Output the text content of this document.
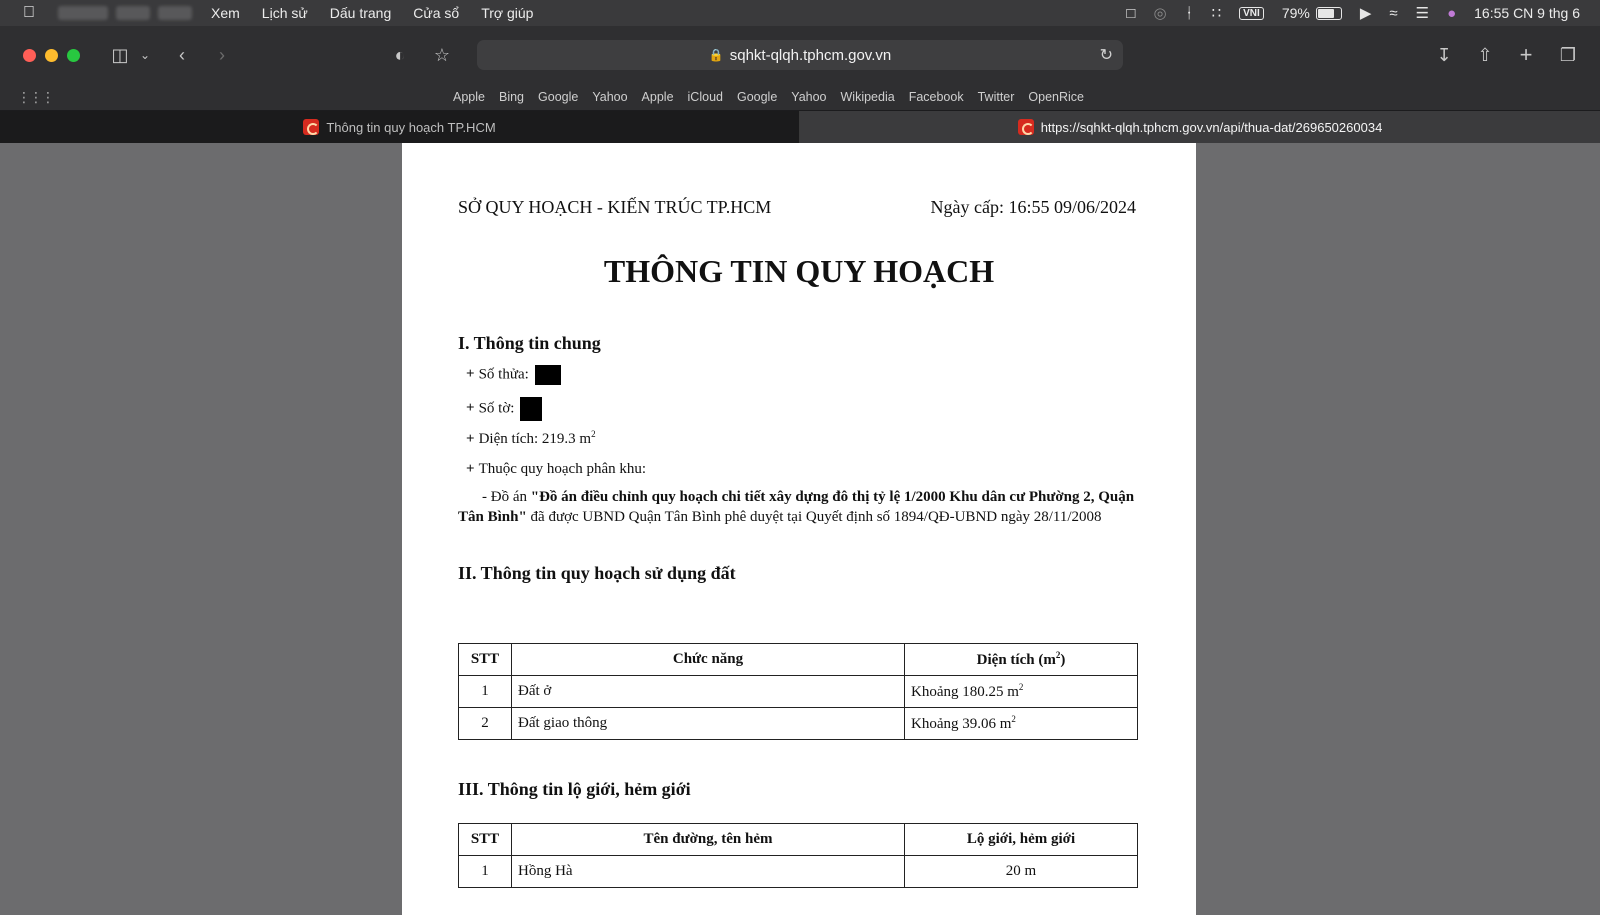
Xem	Lịch sử	Dấu trang	Cửa sổ	Trợ giúp	□ ◎ ᛂ ∷	VNI 79%	▶ ≈ ☰ ● 16:55 CN 9 thg 6
◫ ⌄	‹	›	◐	☆	🔒 sqhkt-qlqh.tphcm.gov.vn	↻	↧	⇧	+	❐
⋮⋮⋮	Apple	Bing	Google	Yahoo	Apple	iCloud	Google	Yahoo	Wikipedia	Facebook	Twitter	OpenRice
Thông tin quy hoạch TP.HCM	https://sqhkt-qlqh.tphcm.gov.vn/api/thua-dat/269650260034
SỞ QUY HOẠCH - KIẾN TRÚC TP.HCM	Ngày cấp: 16:55 09/06/2024
THÔNG TIN QUY HOẠCH
I. Thông tin chung
+ Số thửa:
+ Số tờ:
+ Diện tích: 219.3 $m^2$
+ Thuộc quy hoạch phân khu:
- Đồ án "Đồ án điều chỉnh quy hoạch chi tiết xây dựng đô thị tỷ lệ 1/2000 Khu dân cư Phường 2, Quận Tân Bình" đã được UBND Quận Tân Bình phê duyệt tại Quyết định số 1894/QĐ-UBND ngày 28/11/2008
II. Thông tin quy hoạch sử dụng đất
STT	Chức năng	Diện tích $(m^2)$
1	Đất ở	Khoảng 180.25 $m^2$
2	Đất giao thông	Khoảng 39.06 $m^2$
III. Thông tin lộ giới, hẻm giới
STT	Tên đường, tên hẻm	Lộ giới, hẻm giới
1	Hồng Hà	20 m
